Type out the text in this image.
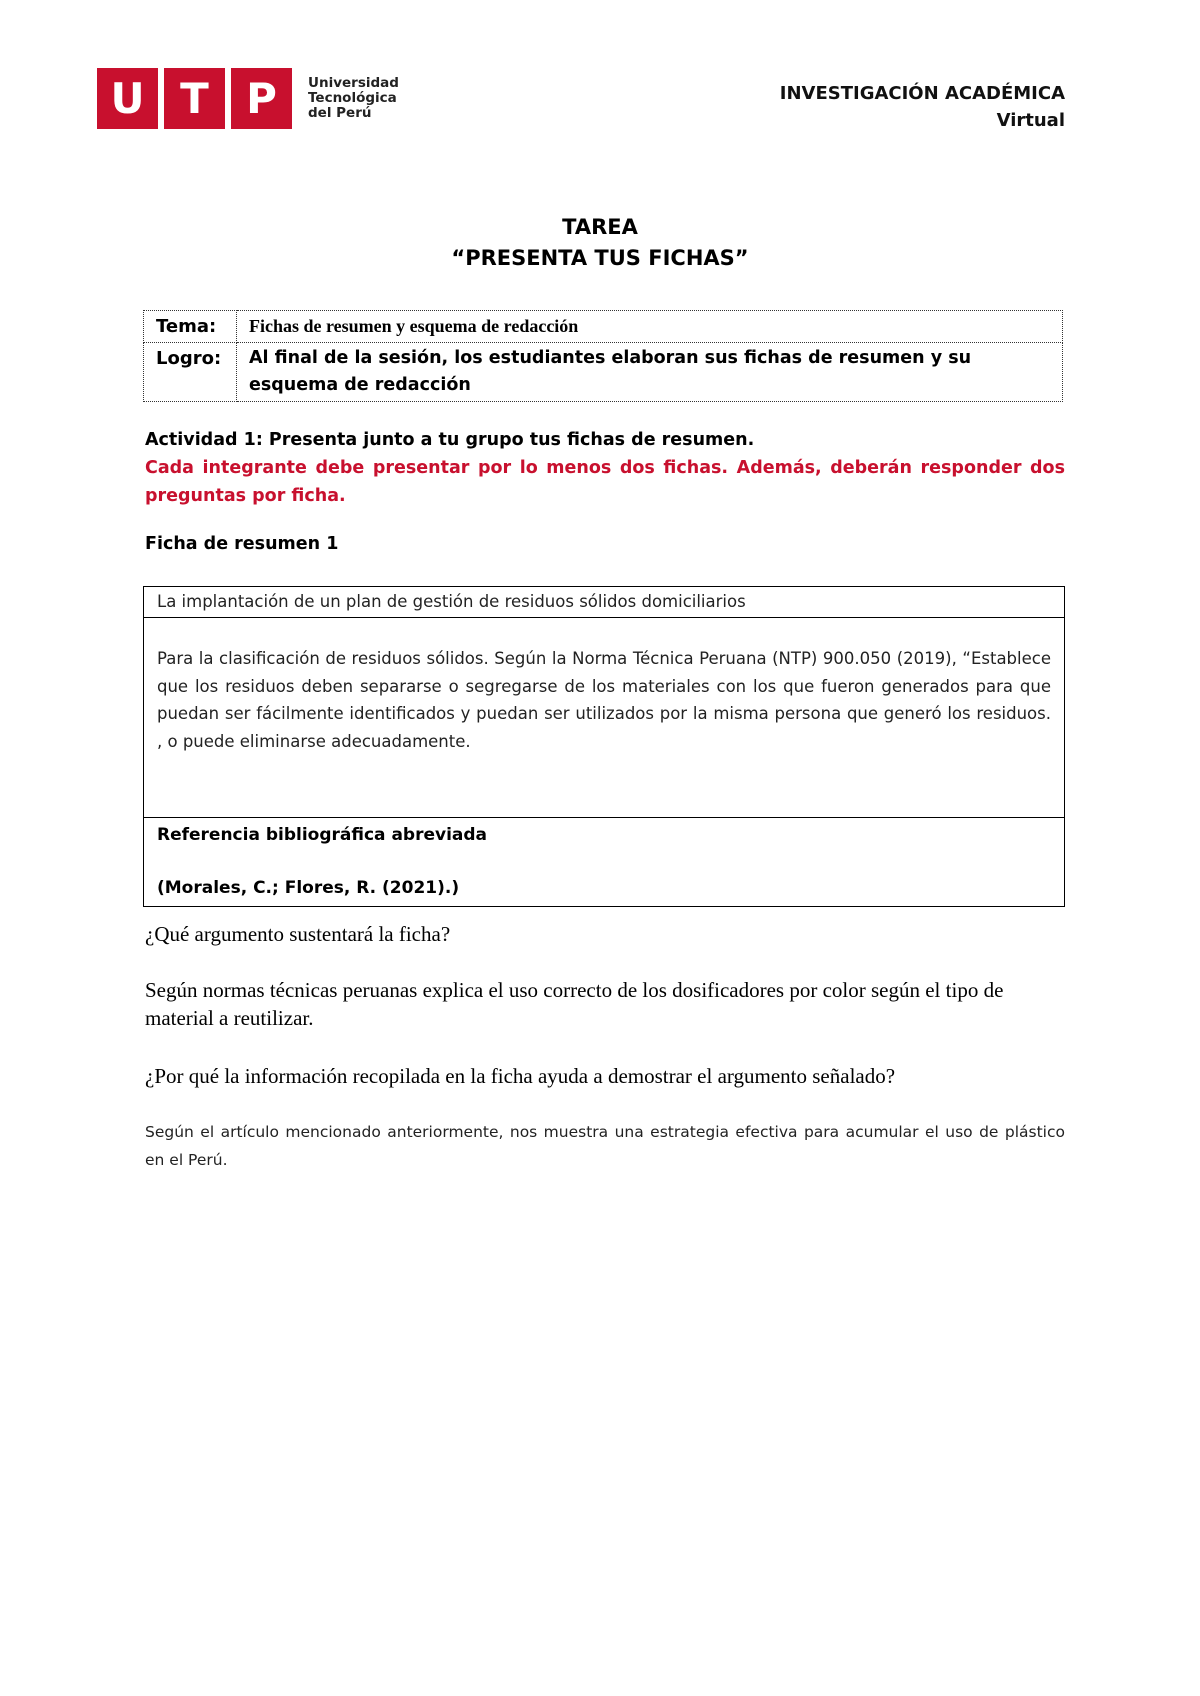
U T P	Universidad
Tecnológica
del Perú
INVESTIGACIÓN ACADÉMICA
Virtual
TAREA
“PRESENTA TUS FICHAS”
Tema:	Fichas de resumen y esquema de redacción
Logro:	Al final de la sesión, los estudiantes elaboran sus fichas de resumen y su esquema de redacción
Actividad 1: Presenta junto a tu grupo tus fichas de resumen.
Cada integrante debe presentar por lo menos dos fichas. Además, deberán responder dos preguntas por ficha.
Ficha de resumen 1
La implantación de un plan de gestión de residuos sólidos domiciliarios
Para la clasificación de residuos sólidos. Según la Norma Técnica Peruana (NTP) 900.050 (2019), “Establece que los residuos deben separarse o segregarse de los materiales con los que fueron generados para que puedan ser fácilmente identificados y puedan ser utilizados por la misma persona que generó los residuos. , o puede eliminarse adecuadamente.
Referencia bibliográfica abreviada
(Morales, C.; Flores, R. (2021).)
¿Qué argumento sustentará la ficha?
Según normas técnicas peruanas explica el uso correcto de los dosificadores por color según el tipo de material a reutilizar.
¿Por qué la información recopilada en la ficha ayuda a demostrar el argumento señalado?
Según el artículo mencionado anteriormente, nos muestra una estrategia efectiva para acumular el uso de plástico en el Perú.
